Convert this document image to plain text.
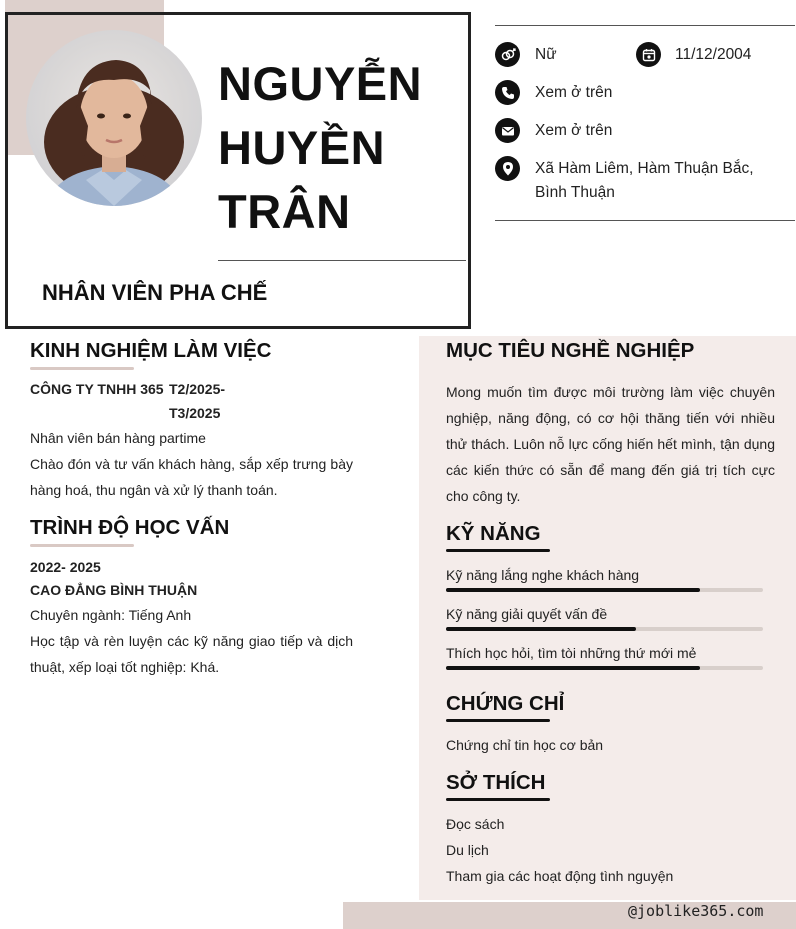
NGUYỄN
HUYỀN
TRÂN
NHÂN VIÊN PHA CHẾ
Nữ	11/12/2004
Xem ở trên
Xem ở trên
Xã Hàm Liêm, Hàm Thuận Bắc,
Bình Thuận
KINH NGHIỆM LÀM VIỆC
CÔNG TY TNHH 365 T2/2025-
T3/2025
Nhân viên bán hàng partime
Chào đón và tư vấn khách hàng, sắp xếp trưng bày hàng hoá, thu ngân và xử lý thanh toán.
TRÌNH ĐỘ HỌC VẤN
2022- 2025
CAO ĐẲNG BÌNH THUẬN
Chuyên ngành: Tiếng Anh
Học tập và rèn luyện các kỹ năng giao tiếp và dịch thuật, xếp loại tốt nghiệp: Khá.
MỤC TIÊU NGHỀ NGHIỆP
Mong muốn tìm được môi trường làm việc chuyên nghiệp, năng động, có cơ hội thăng tiến với nhiều thử thách. Luôn nỗ lực cống hiến hết mình, tận dụng các kiến thức có sẵn để mang đến giá trị tích cực cho công ty.
KỸ NĂNG
Kỹ năng lắng nghe khách hàng
Kỹ năng giải quyết vấn đề
Thích học hỏi, tìm tòi những thứ mới mẻ
CHỨNG CHỈ
Chứng chỉ tin học cơ bản
SỞ THÍCH
Đọc sách
Du lịch
Tham gia các hoạt động tình nguyện
@joblike365.com
